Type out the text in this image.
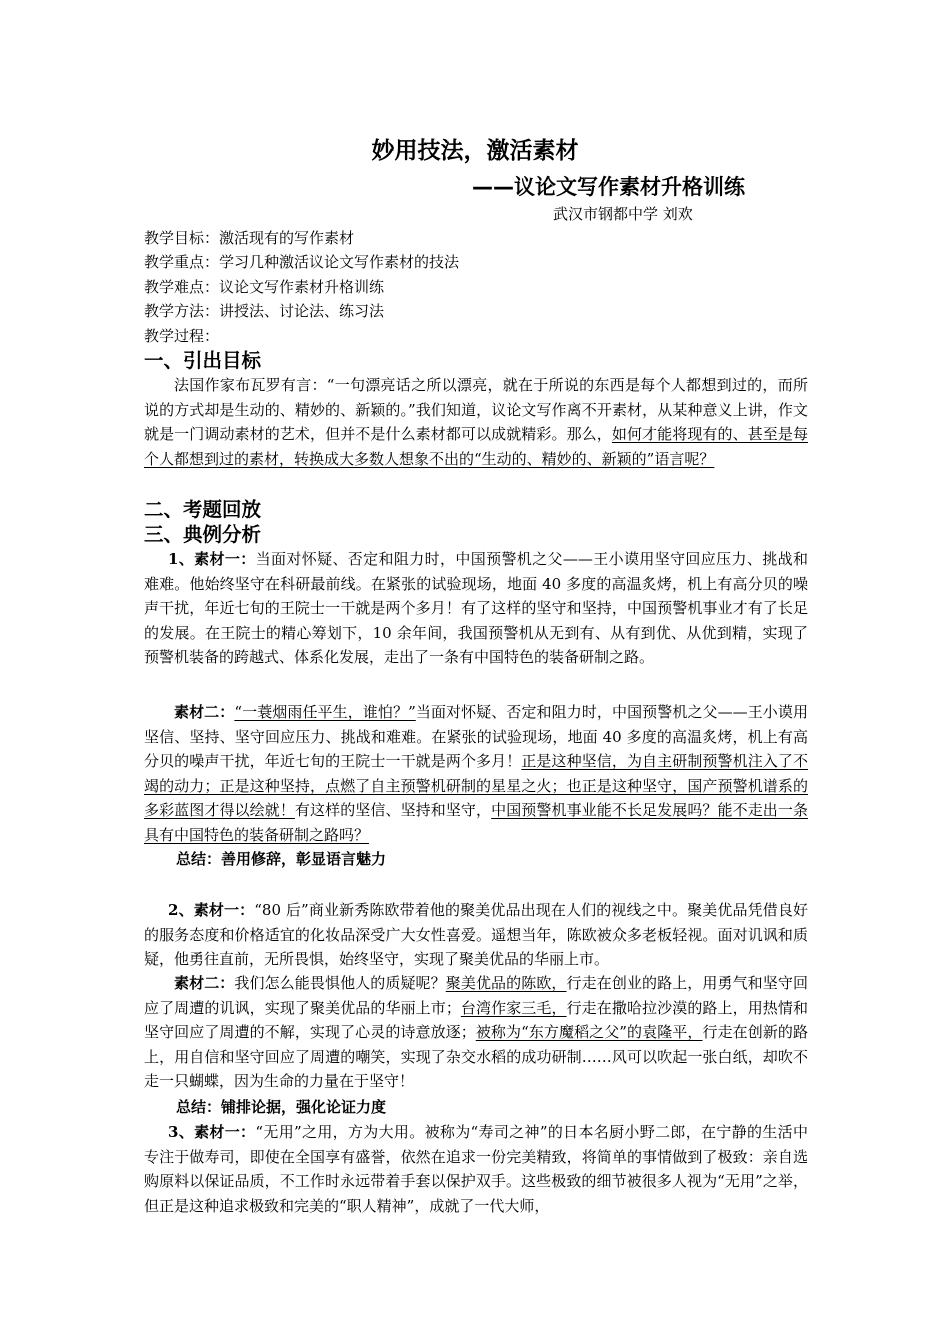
妙用技法，激活素材
——议论文写作素材升格训练
武汉市钢都中学 刘欢
教学目标：激活现有的写作素材
教学重点：学习几种激活议论文写作素材的技法
教学难点：议论文写作素材升格训练
教学方法：讲授法、讨论法、练习法
教学过程：
一、引出目标
法国作家布瓦罗有言：“一句漂亮话之所以漂亮，就在于所说的东西是每个人都想到过的，而所说的方式却是生动的、精妙的、新颖的。”我们知道，议论文写作离不开素材，从某种意义上讲，作文就是一门调动素材的艺术，但并不是什么素材都可以成就精彩。那么，如何才能将现有的、甚至是每个人都想到过的素材，转换成大多数人想象不出的“生动的、精妙的、新颖的”语言呢？
二、考题回放
三、典例分析
1、素材一：当面对怀疑、否定和阻力时，中国预警机之父——王小谟用坚守回应压力、挑战和难难。他始终坚守在科研最前线。在紧张的试验现场，地面 40 多度的高温炙烤，机上有高分贝的噪声干扰，年近七旬的王院士一干就是两个多月！有了这样的坚守和坚持，中国预警机事业才有了长足的发展。在王院士的精心筹划下，10 余年间，我国预警机从无到有、从有到优、从优到精，实现了预警机装备的跨越式、体系化发展，走出了一条有中国特色的装备研制之路。
素材二：“一蓑烟雨任平生，谁怕？”当面对怀疑、否定和阻力时，中国预警机之父——王小谟用坚信、坚持、坚守回应压力、挑战和难难。在紧张的试验现场，地面 40 多度的高温炙烤，机上有高分贝的噪声干扰，年近七旬的王院士一干就是两个多月！正是这种坚信，为自主研制预警机注入了不竭的动力；正是这种坚持，点燃了自主预警机研制的星星之火；也正是这种坚守，国产预警机谱系的多彩蓝图才得以绘就！有这样的坚信、坚持和坚守，中国预警机事业能不长足发展吗？能不走出一条具有中国特色的装备研制之路吗？
总结：善用修辞，彰显语言魅力
2、素材一：“80 后”商业新秀陈欧带着他的聚美优品出现在人们的视线之中。聚美优品凭借良好的服务态度和价格适宜的化妆品深受广大女性喜爱。遥想当年，陈欧被众多老板轻视。面对讥讽和质疑，他勇往直前，无所畏惧，始终坚守，实现了聚美优品的华丽上市。
素材二：我们怎么能畏惧他人的质疑呢？聚美优品的陈欧，行走在创业的路上，用勇气和坚守回应了周遭的讥讽，实现了聚美优品的华丽上市；台湾作家三毛，行走在撒哈拉沙漠的路上，用热情和坚守回应了周遭的不解，实现了心灵的诗意放逐；被称为“东方魔稻之父”的袁隆平，行走在创新的路上，用自信和坚守回应了周遭的嘲笑，实现了杂交水稻的成功研制……风可以吹起一张白纸，却吹不走一只蝴蝶，因为生命的力量在于坚守！
总结：铺排论据，强化论证力度
3、素材一：“无用”之用，方为大用。被称为“寿司之神”的日本名厨小野二郎，在宁静的生活中专注于做寿司，即使在全国享有盛誉，依然在追求一份完美精致，将简单的事情做到了极致：亲自选购原料以保证品质，不工作时永远带着手套以保护双手。这些极致的细节被很多人视为“无用”之举，但正是这种追求极致和完美的“职人精神”，成就了一代大师，
